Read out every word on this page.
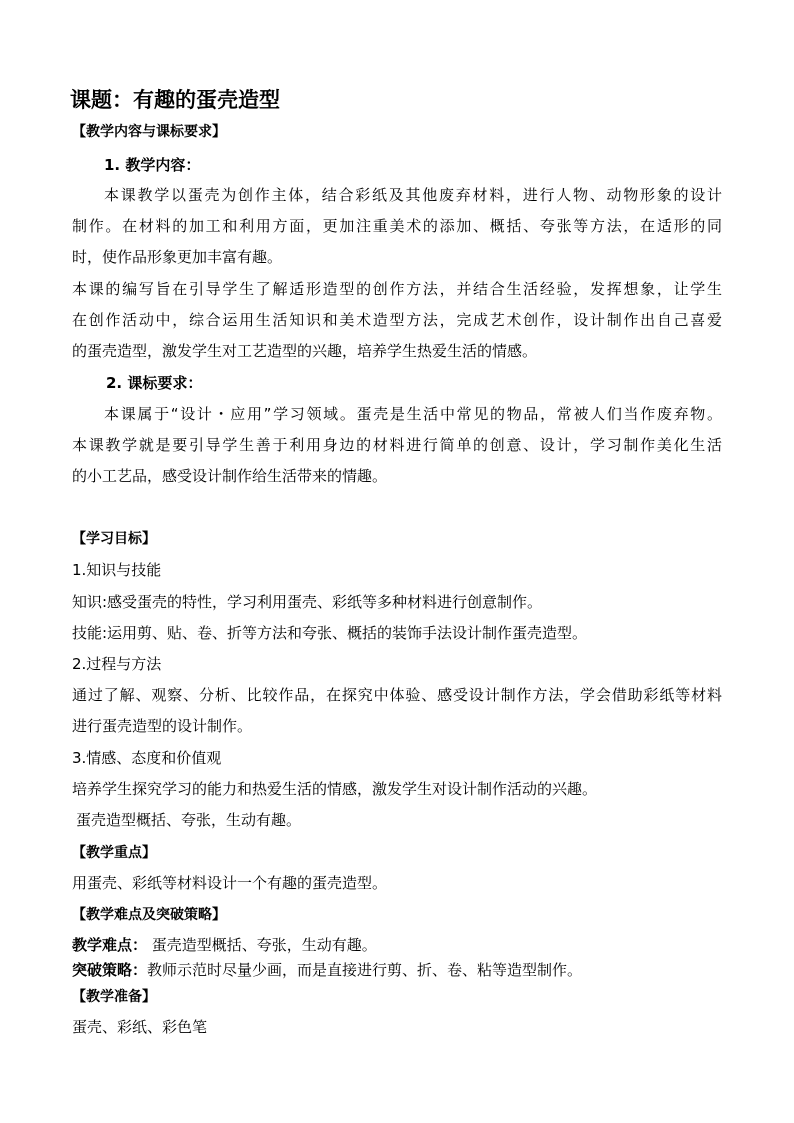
课题：有趣的蛋壳造型
【教学内容与课标要求】
1. 教学内容：
本课教学以蛋壳为创作主体，结合彩纸及其他废弃材料，进行人物、动物形象的设计
制作。在材料的加工和利用方面，更加注重美术的添加、概括、夸张等方法，在适形的同
时，使作品形象更加丰富有趣。
本课的编写旨在引导学生了解适形造型的创作方法，并结合生活经验，发挥想象，让学生
在创作活动中，综合运用生活知识和美术造型方法，完成艺术创作，设计制作出自己喜爱
的蛋壳造型，激发学生对工艺造型的兴趣，培养学生热爱生活的情感。
2. 课标要求：
本课属于“设计・应用”学习领域。蛋壳是生活中常见的物品，常被人们当作废弃物。
本课教学就是要引导学生善于利用身边的材料进行简单的创意、设计，学习制作美化生活
的小工艺品，感受设计制作给生活带来的情趣。
【学习目标】
1.知识与技能
知识:感受蛋壳的特性，学习利用蛋壳、彩纸等多种材料进行创意制作。
技能:运用剪、贴、卷、折等方法和夸张、概括的装饰手法设计制作蛋壳造型。
2.过程与方法
通过了解、观察、分析、比较作品，在探究中体验、感受设计制作方法，学会借助彩纸等材料
进行蛋壳造型的设计制作。
3.情感、态度和价值观
培养学生探究学习的能力和热爱生活的情感，激发学生对设计制作活动的兴趣。
蛋壳造型概括、夸张，生动有趣。
【教学重点】
用蛋壳、彩纸等材料设计一个有趣的蛋壳造型。
【教学难点及突破策略】
教学难点： 蛋壳造型概括、夸张，生动有趣。
突破策略：教师示范时尽量少画，而是直接进行剪、折、卷、粘等造型制作。
【教学准备】
蛋壳、彩纸、彩色笔
